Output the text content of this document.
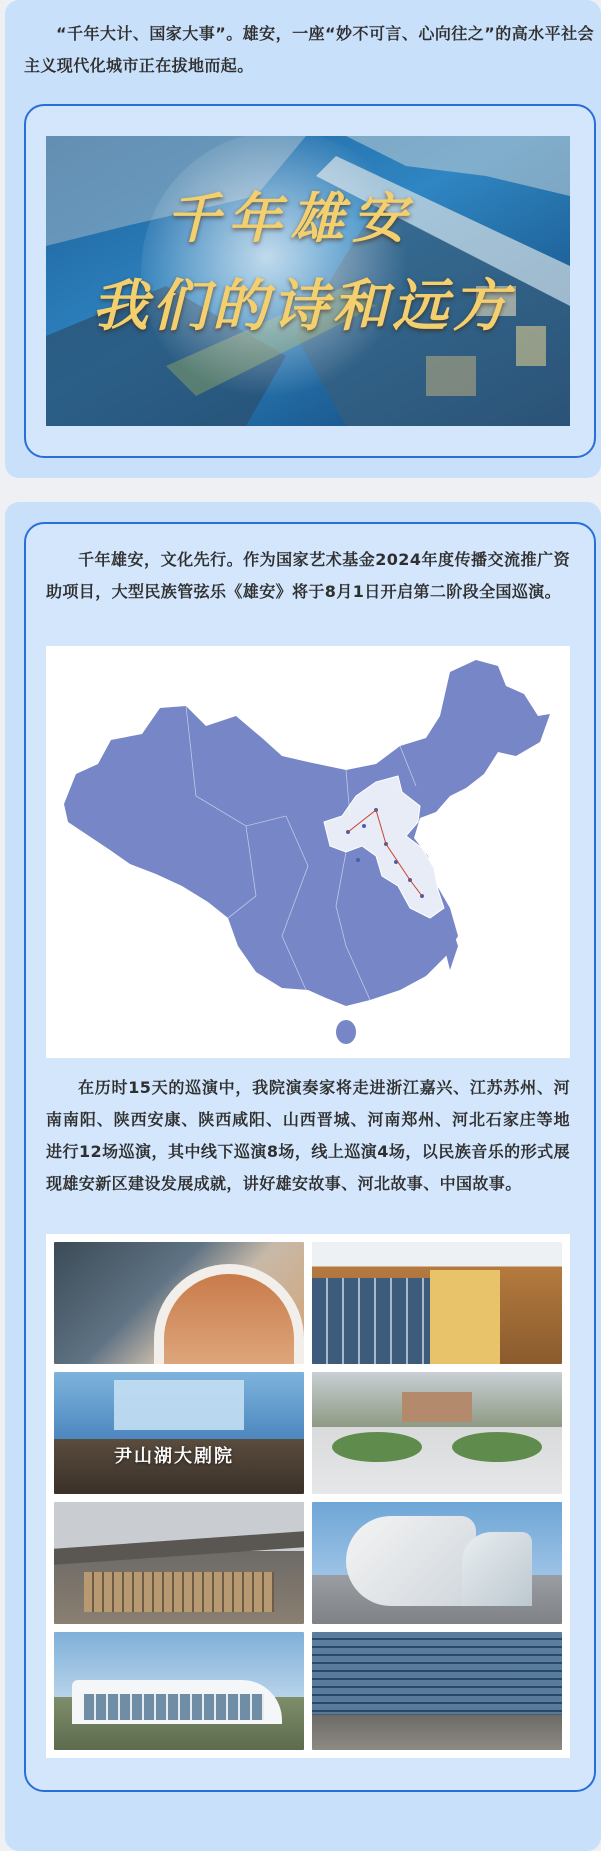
“千年大计、国家大事”。雄安，一座“妙不可言、心向往之”的高水平社会主义现代化城市正在拔地而起。

千年雄安
我们的诗和远方

千年雄安，文化先行。作为国家艺术基金2024年度传播交流推广资助项目，大型民族管弦乐《雄安》将于8月1日开启第二阶段全国巡演。

在历时15天的巡演中，我院演奏家将走进浙江嘉兴、江苏苏州、河南南阳、陕西安康、陕西咸阳、山西晋城、河南郑州、河北石家庄等地进行12场巡演，其中线下巡演8场，线上巡演4场，以民族音乐的形式展现雄安新区建设发展成就，讲好雄安故事、河北故事、中国故事。

尹山湖大剧院
